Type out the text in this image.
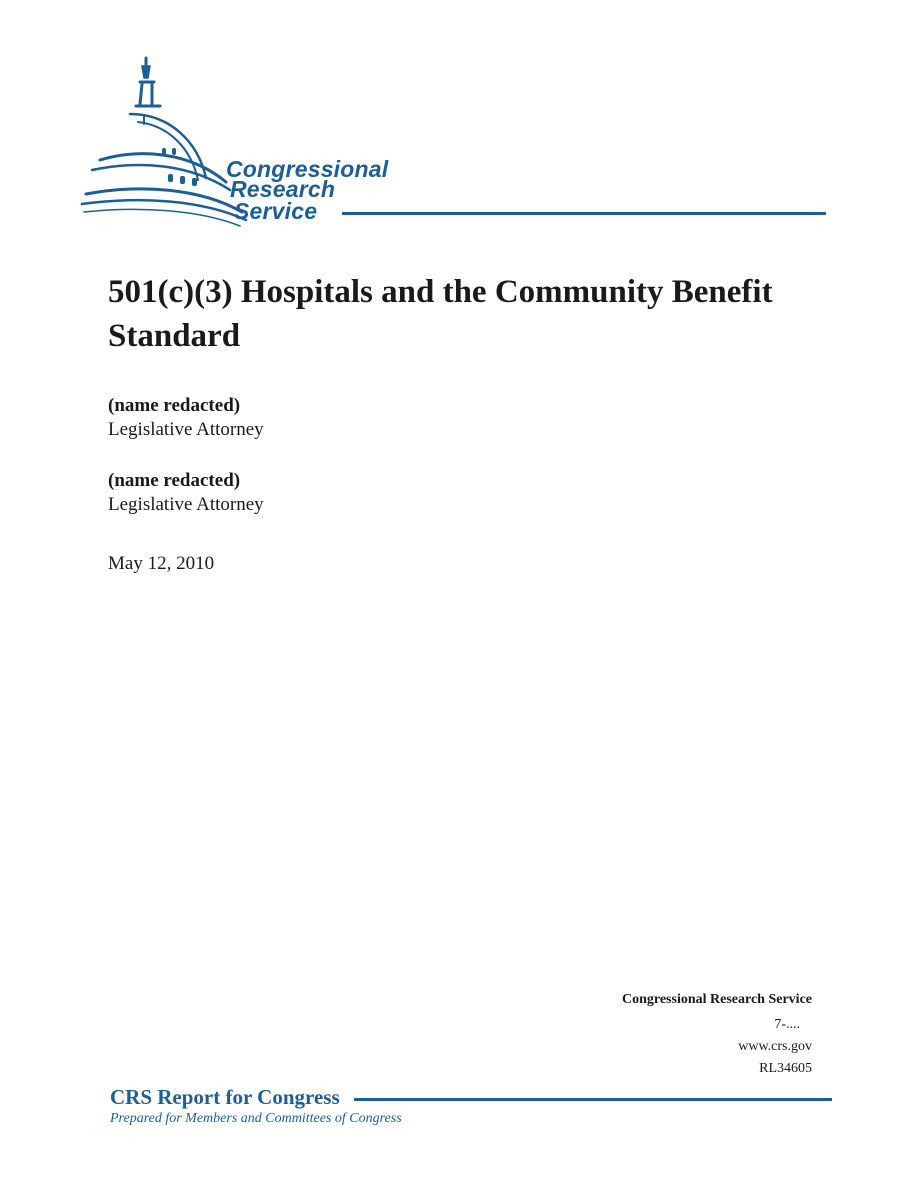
Congressional
Research
Service
501(c)(3) Hospitals and the Community Benefit Standard
(name redacted)
Legislative Attorney
(name redacted)
Legislative Attorney
May 12, 2010
Congressional Research Service
7-....
www.crs.gov
RL34605
CRS Report for Congress
Prepared for Members and Committees of Congress
